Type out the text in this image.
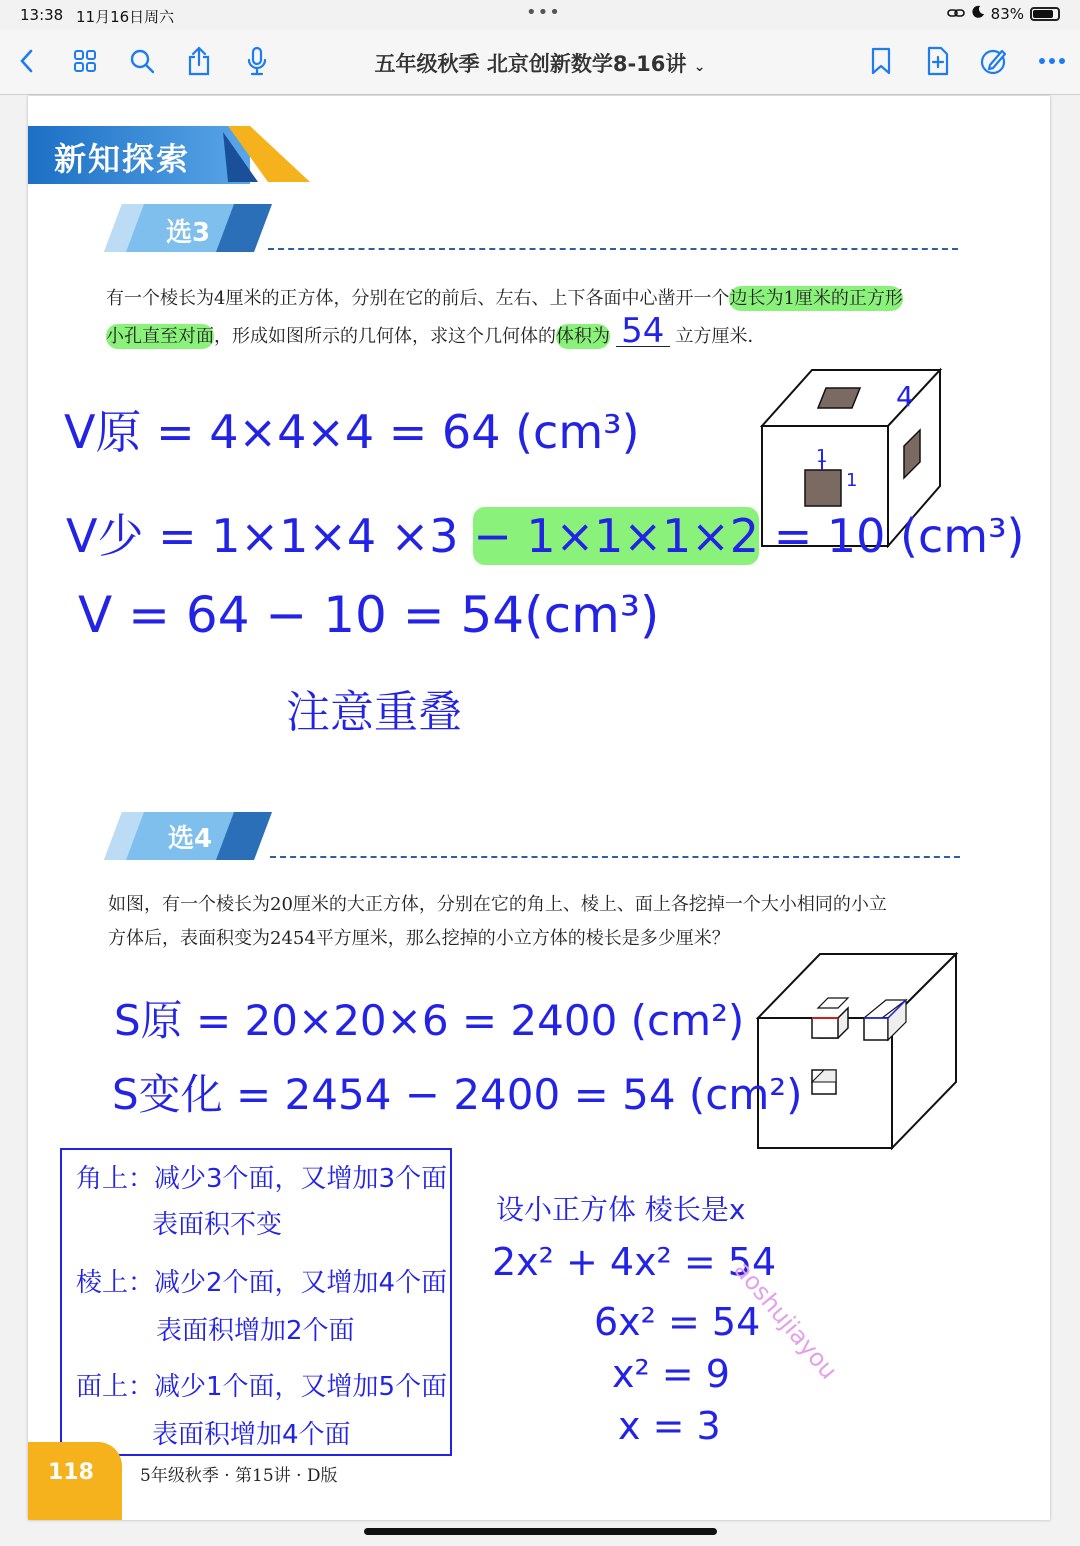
13:38 11月16日周六	•••	83%
五年级秋季 北京创新数学8-16讲 ⌄
新知探索
选3
有一个棱长为4厘米的正方体，分别在它的前后、左右、上下各面中心凿开一个边长为1厘米的正方形
小孔直至对面，形成如图所示的几何体，求这个几何体的体积为 54 立方厘米．
4
1
1
V原 = 4×4×4 = 64 (cm³)
V少 = 1×1×4 ×3 − 1×1×1×2 = 10 (cm³)
V = 64 − 10 = 54(cm³)
注意重叠
选4
如图，有一个棱长为20厘米的大正方体，分别在它的角上、棱上、面上各挖掉一个大小相同的小立
方体后，表面积变为2454平方厘米，那么挖掉的小立方体的棱长是多少厘米？
S原 = 20×20×6 = 2400 (cm²)
S变化 = 2454 − 2400 = 54 (cm²)
角上：减少3个面，又增加3个面
表面积不变
棱上：减少2个面，又增加4个面
表面积增加2个面
面上：减少1个面，又增加5个面
表面积增加4个面
设小正方体 棱长是x
2x² + 4x² = 54
6x² = 54
x² = 9
x = 3
aoshujiayou
118	5年级秋季 · 第15讲 · D版
